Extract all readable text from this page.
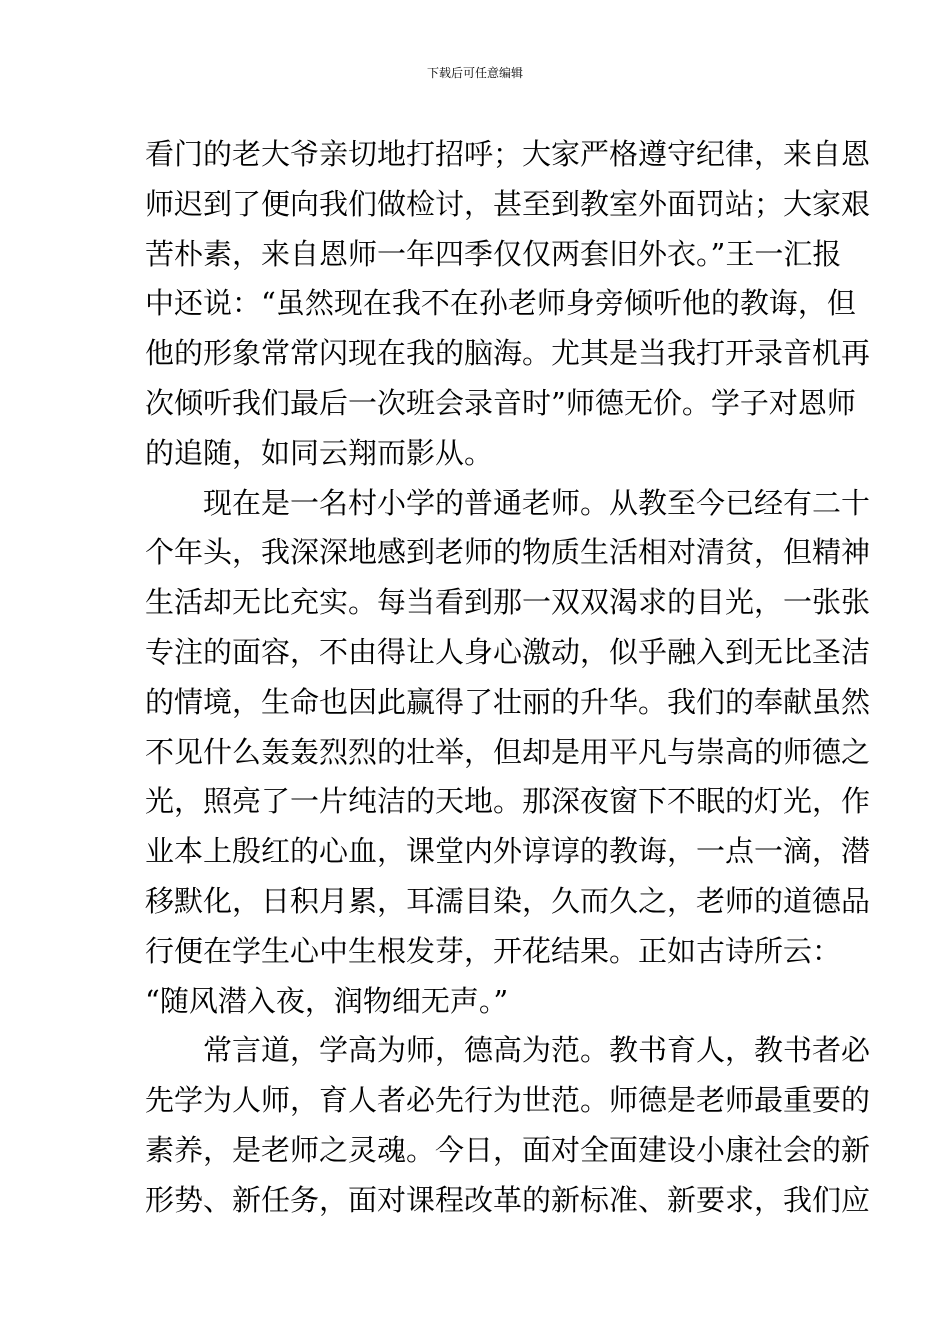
下载后可任意编辑
看门的老大爷亲切地打招呼；大家严格遵守纪律，来自恩
师迟到了便向我们做检讨，甚至到教室外面罚站；大家艰
苦朴素，来自恩师一年四季仅仅两套旧外衣。”王一汇报
中还说：“虽然现在我不在孙老师身旁倾听他的教诲，但
他的形象常常闪现在我的脑海。尤其是当我打开录音机再
次倾听我们最后一次班会录音时”师德无价。学子对恩师
的追随，如同云翔而影从。
现在是一名村小学的普通老师。从教至今已经有二十
个年头，我深深地感到老师的物质生活相对清贫，但精神
生活却无比充实。每当看到那一双双渴求的目光，一张张
专注的面容，不由得让人身心激动，似乎融入到无比圣洁
的情境，生命也因此赢得了壮丽的升华。我们的奉献虽然
不见什么轰轰烈烈的壮举，但却是用平凡与崇高的师德之
光，照亮了一片纯洁的天地。那深夜窗下不眠的灯光，作
业本上殷红的心血，课堂内外谆谆的教诲，一点一滴，潜
移默化，日积月累，耳濡目染，久而久之，老师的道德品
行便在学生心中生根发芽，开花结果。正如古诗所云：
“随风潜入夜，润物细无声。”
常言道，学高为师，德高为范。教书育人，教书者必
先学为人师，育人者必先行为世范。师德是老师最重要的
素养，是老师之灵魂。今日，面对全面建设小康社会的新
形势、新任务，面对课程改革的新标准、新要求，我们应
